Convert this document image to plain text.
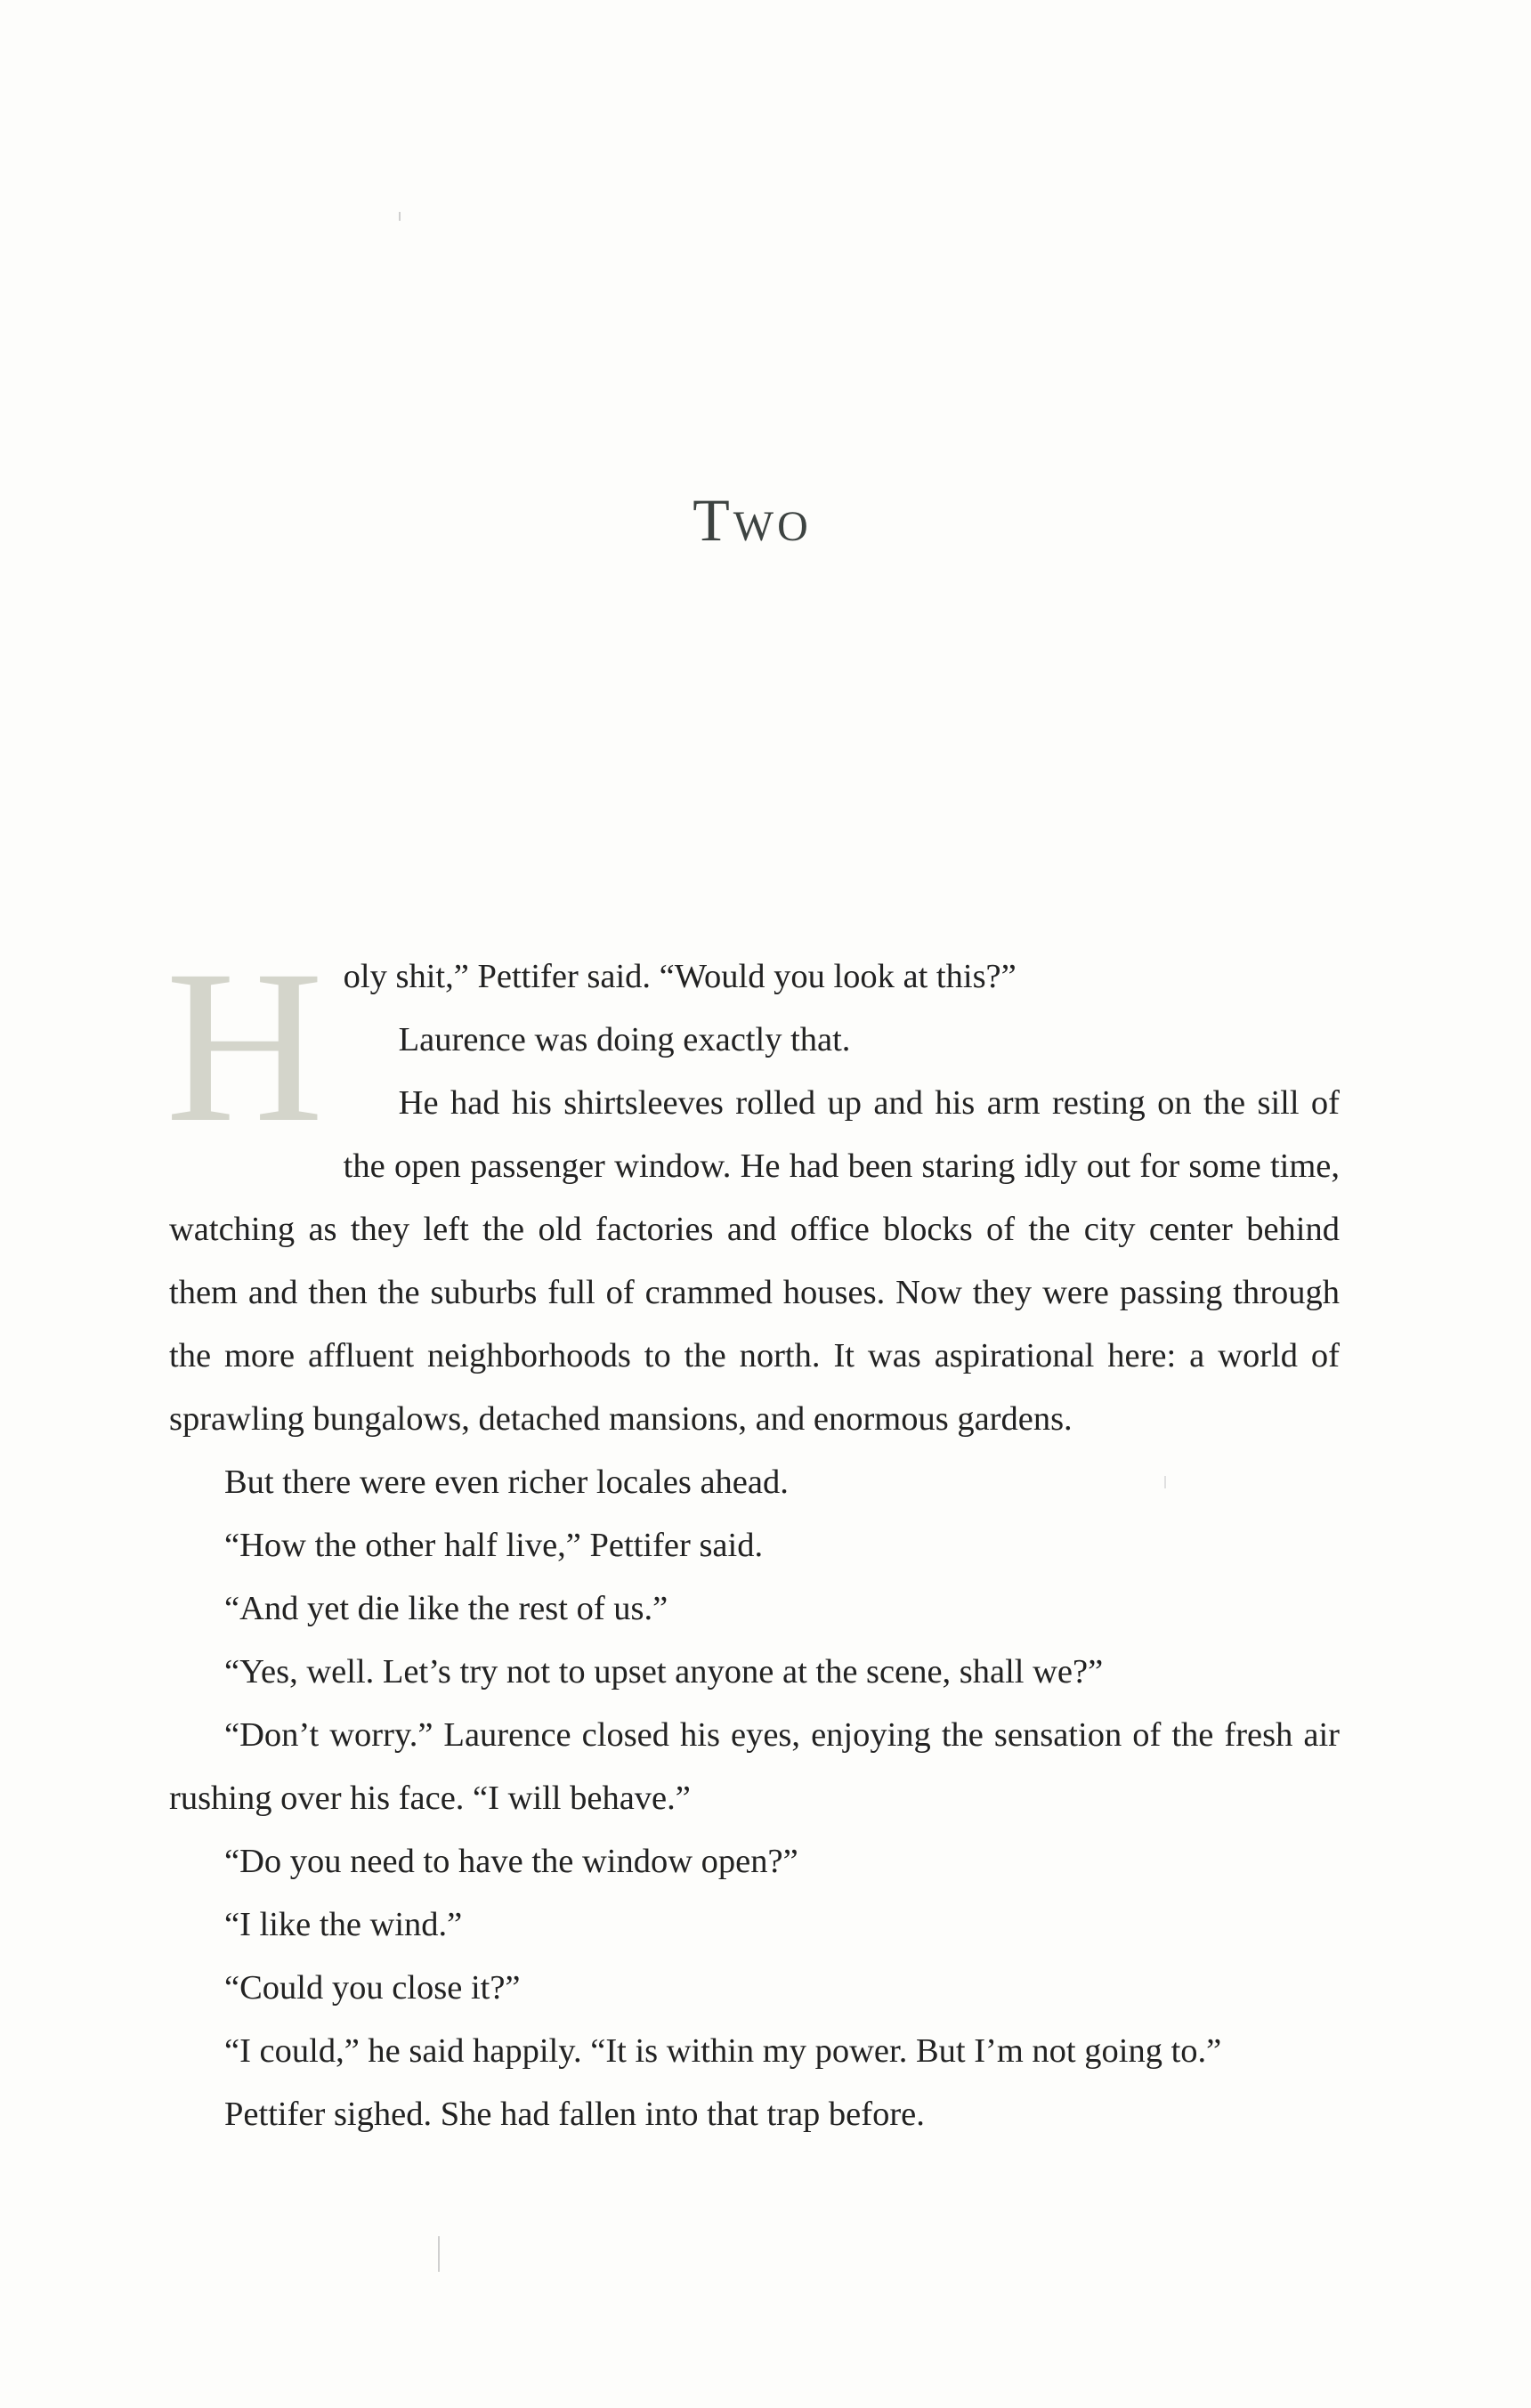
Two
H oly shit,” Pettifer said. “Would you look at this?”

Laurence was doing exactly that.

He had his shirtsleeves rolled up and his arm resting on the sill of the open passenger window. He had been staring idly out for some time, watching as they left the old factories and office blocks of the city center behind them and then the suburbs full of crammed houses. Now they were passing through the more affluent neighborhoods to the north. It was aspirational here: a world of sprawling bungalows, detached mansions, and enormous gardens.

But there were even richer locales ahead.

“How the other half live,” Pettifer said.

“And yet die like the rest of us.”

“Yes, well. Let’s try not to upset anyone at the scene, shall we?”

“Don’t worry.” Laurence closed his eyes, enjoying the sensation of the fresh air rushing over his face. “I will behave.”

“Do you need to have the window open?”

“I like the wind.”

“Could you close it?”

“I could,” he said happily. “It is within my power. But I’m not going to.”

Pettifer sighed. She had fallen into that trap before.
